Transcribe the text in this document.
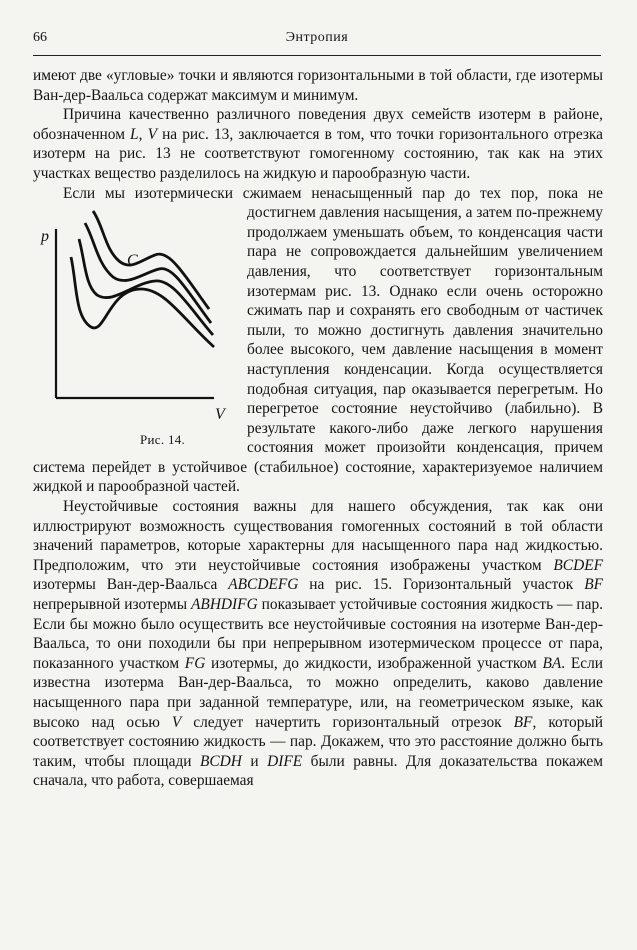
66	Энтропия

имеют две «угловые» точки и являются горизонтальными в той области, где изотермы Ван-дер-Ваальса содержат максимум и минимум.

Причина качественно различного поведения двух семейств изотерм в районе, обозначенном L, V на рис. 13, заключается в том, что точки горизонтального отрезка изотерм на рис. 13 не соответствуют гомогенному состоянию, так как на этих участках вещество разделилось на жидкую и парообразную части.

Если мы изотермически сжимаем ненасыщенный пар до тех пор, пока не достигнем давления насыщения, а затем по-прежнему
p
C
V
Рис. 14.
продолжаем уменьшать объем, то конденсация части пара не сопровождается дальнейшим увеличением давления, что соответствует горизонтальным изотермам рис. 13. Однако если очень осторожно сжимать пар и сохранять его свободным от частичек пыли, то можно достигнуть давления значительно более высокого, чем давление насыщения в момент наступления конденсации. Когда осуществляется подобная ситуация, пар оказывается перегретым. Но перегретое состояние неустойчиво (лабильно). В результате какого-либо даже легкого нарушения состояния может произойти конденсация, причем система перейдет в устойчивое (стабильное) состояние, характеризуемое наличием жидкой и парообразной частей.

Неустойчивые состояния важны для нашего обсуждения, так как они иллюстрируют возможность существования гомогенных состояний в той области значений параметров, которые характерны для насыщенного пара над жидкостью. Предположим, что эти неустойчивые состояния изображены участком BCDEF изотермы Ван-дер-Ваальса ABCDEFG на рис. 15. Горизонтальный участок BF непрерывной изотермы ABHDIFG показывает устойчивые состояния жидкость — пар. Если бы можно было осуществить все неустойчивые состояния на изотерме Ван-дер-Ваальса, то они походили бы при непрерывном изотермическом процессе от пара, показанного участком FG изотермы, до жидкости, изображенной участком BA. Если известна изотерма Ван-дер-Ваальса, то можно определить, каково давление насыщенного пара при заданной температуре, или, на геометрическом языке, как высоко над осью V следует начертить горизонтальный отрезок BF, который соответствует состоянию жидкость — пар. Докажем, что это расстояние должно быть таким, чтобы площади BCDH и DIFE были равны. Для доказательства покажем сначала, что работа, совершаемая
